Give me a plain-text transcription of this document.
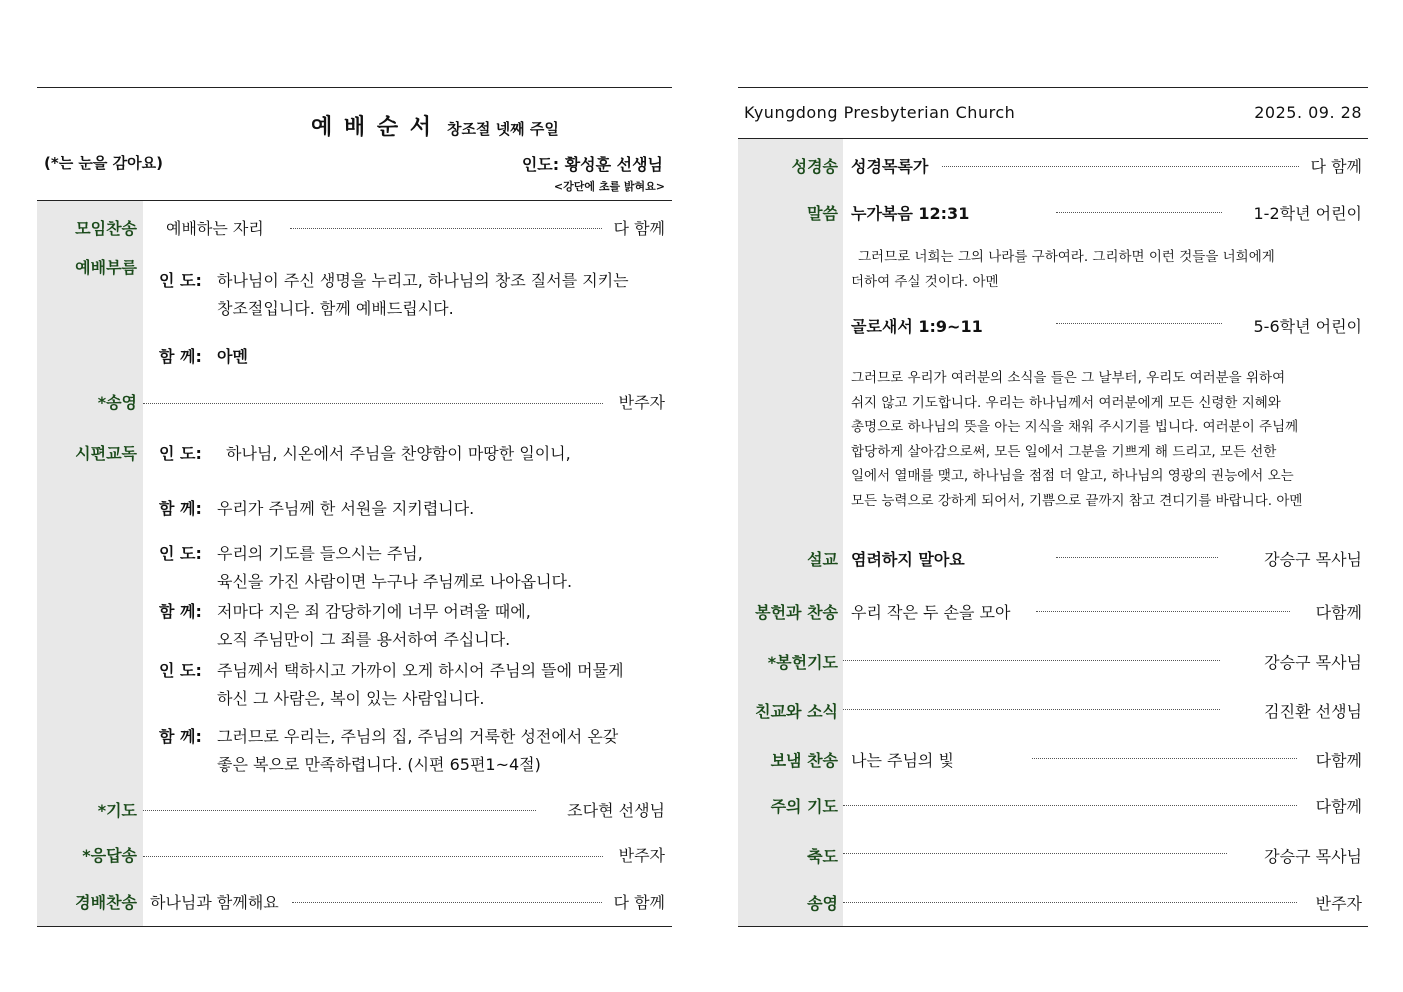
예 배 순 서 창조절 넷째 주일
(*는 눈을 감아요)	인도: 황성훈 선생님
<강단에 초를 밝혀요>
모임찬송 예배하는 자리	다 함께
예배부름
인 도: 하나님이 주신 생명을 누리고, 하나님의 창조 질서를 지키는
창조절입니다. 함께 예배드립시다.
함 께: 아멘
*송영	반주자
시편교독 인 도: 하나님, 시온에서 주님을 찬양함이 마땅한 일이니,
함 께: 우리가 주님께 한 서원을 지키렵니다.
인 도: 우리의 기도를 들으시는 주님,
육신을 가진 사람이면 누구나 주님께로 나아옵니다.
함 께: 저마다 지은 죄 감당하기에 너무 어려울 때에,
오직 주님만이 그 죄를 용서하여 주십니다.
인 도: 주님께서 택하시고 가까이 오게 하시어 주님의 뜰에 머물게
하신 그 사람은, 복이 있는 사람입니다.
함 께: 그러므로 우리는, 주님의 집, 주님의 거룩한 성전에서 온갖
좋은 복으로 만족하렵니다. (시편 65편1~4절)
*기도	조다현 선생님
*응답송	반주자
경배찬송 하나님과 함께해요	다 함께
Kyungdong Presbyterian Church	2025. 09. 28
성경송 성경목록가	다 함께
말씀 누가복음 12:31	1-2학년 어린이
그러므로 너희는 그의 나라를 구하여라. 그리하면 이런 것들을 너희에게
더하여 주실 것이다. 아멘
골로새서 1:9~11	5-6학년 어린이
그러므로 우리가 여러분의 소식을 들은 그 날부터, 우리도 여러분을 위하여
쉬지 않고 기도합니다. 우리는 하나님께서 여러분에게 모든 신령한 지혜와
총명으로 하나님의 뜻을 아는 지식을 채워 주시기를 빕니다. 여러분이 주님께
합당하게 살아감으로써, 모든 일에서 그분을 기쁘게 해 드리고, 모든 선한
일에서 열매를 맺고, 하나님을 점점 더 알고, 하나님의 영광의 권능에서 오는
모든 능력으로 강하게 되어서, 기쁨으로 끝까지 참고 견디기를 바랍니다. 아멘
설교 염려하지 말아요	강승구 목사님
봉헌과 찬송 우리 작은 두 손을 모아	다함께
*봉헌기도	강승구 목사님
친교와 소식	김진환 선생님
보냄 찬송 나는 주님의 빛	다함께
주의 기도	다함께
축도	강승구 목사님
송영	반주자
